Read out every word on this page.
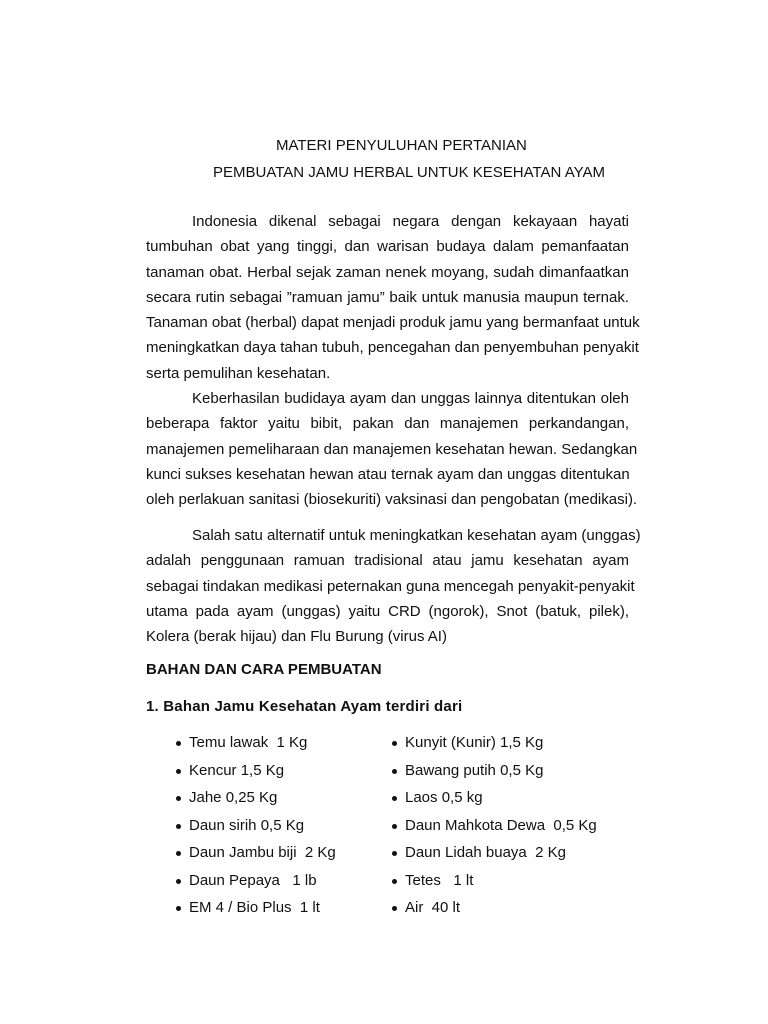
MATERI PENYULUHAN PERTANIAN
PEMBUATAN JAMU HERBAL UNTUK KESEHATAN AYAM
Indonesia dikenal sebagai negara dengan kekayaan hayati
tumbuhan obat yang tinggi, dan warisan budaya dalam pemanfaatan
tanaman obat. Herbal sejak zaman nenek moyang, sudah dimanfaatkan
secara rutin sebagai ”ramuan jamu” baik untuk manusia maupun ternak.
Tanaman obat (herbal) dapat menjadi produk jamu yang bermanfaat untuk
meningkatkan daya tahan tubuh, pencegahan dan penyembuhan penyakit
serta pemulihan kesehatan.
Keberhasilan budidaya ayam dan unggas lainnya ditentukan oleh
beberapa faktor yaitu bibit, pakan dan manajemen perkandangan,
manajemen pemeliharaan dan manajemen kesehatan hewan. Sedangkan
kunci sukses kesehatan hewan atau ternak ayam dan unggas ditentukan
oleh perlakuan sanitasi (biosekuriti) vaksinasi dan pengobatan (medikasi).
Salah satu alternatif untuk meningkatkan kesehatan ayam (unggas)
adalah penggunaan ramuan tradisional atau jamu kesehatan ayam
sebagai tindakan medikasi peternakan guna mencegah penyakit-penyakit
utama pada ayam (unggas) yaitu CRD (ngorok), Snot (batuk, pilek),
Kolera (berak hijau) dan Flu Burung (virus AI)
BAHAN DAN CARA PEMBUATAN
1. Bahan Jamu Kesehatan Ayam terdiri dari
Temu lawak  1 Kg
Kencur 1,5 Kg
Jahe 0,25 Kg
Daun sirih 0,5 Kg
Daun Jambu biji  2 Kg
Daun Pepaya   1 lb
EM 4 / Bio Plus  1 lt
Kunyit (Kunir) 1,5 Kg
Bawang putih 0,5 Kg
Laos 0,5 kg
Daun Mahkota Dewa  0,5 Kg
Daun Lidah buaya  2 Kg
Tetes   1 lt
Air  40 lt
